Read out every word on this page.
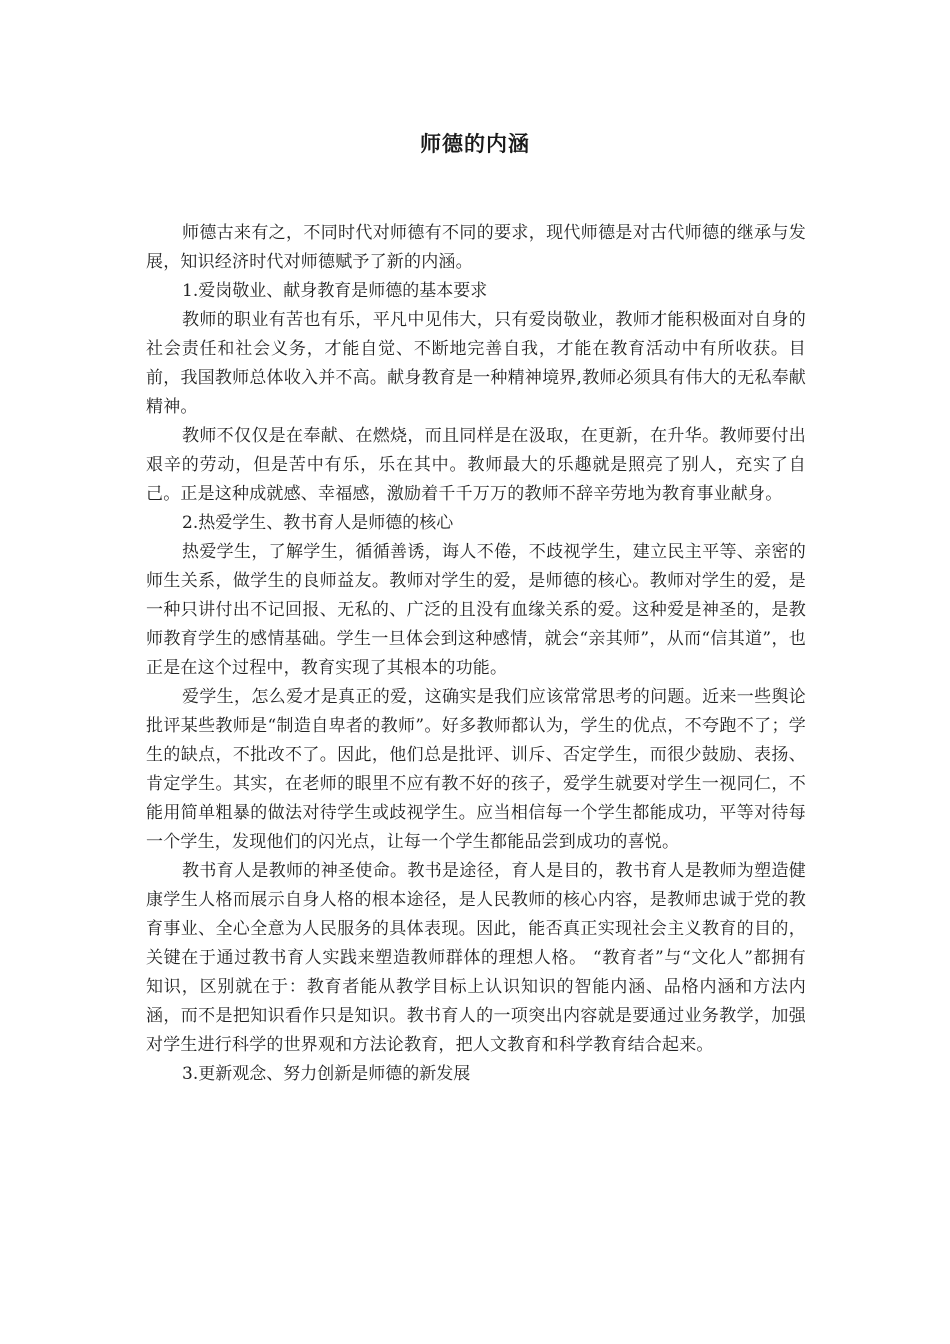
师德的内涵

师德古来有之，不同时代对师德有不同的要求，现代师德是对古代师德的继承与发展，知识经济时代对师德赋予了新的内涵。

1.爱岗敬业、献身教育是师德的基本要求

教师的职业有苦也有乐，平凡中见伟大，只有爱岗敬业，教师才能积极面对自身的社会责任和社会义务，才能自觉、不断地完善自我，才能在教育活动中有所收获。目前，我国教师总体收入并不高。献身教育是一种精神境界,教师必须具有伟大的无私奉献精神。

教师不仅仅是在奉献、在燃烧，而且同样是在汲取，在更新，在升华。教师要付出艰辛的劳动，但是苦中有乐，乐在其中。教师最大的乐趣就是照亮了别人，充实了自己。正是这种成就感、幸福感，激励着千千万万的教师不辞辛劳地为教育事业献身。

2.热爱学生、教书育人是师德的核心

热爱学生，了解学生，循循善诱，诲人不倦，不歧视学生，建立民主平等、亲密的师生关系，做学生的良师益友。教师对学生的爱，是师德的核心。教师对学生的爱，是一种只讲付出不记回报、无私的、广泛的且没有血缘关系的爱。这种爱是神圣的，是教师教育学生的感情基础。学生一旦体会到这种感情，就会“亲其师”，从而“信其道”，也正是在这个过程中，教育实现了其根本的功能。

爱学生，怎么爱才是真正的爱，这确实是我们应该常常思考的问题。近来一些舆论批评某些教师是“制造自卑者的教师”。好多教师都认为，学生的优点，不夸跑不了；学生的缺点，不批改不了。因此，他们总是批评、训斥、否定学生，而很少鼓励、表扬、肯定学生。其实，在老师的眼里不应有教不好的孩子，爱学生就要对学生一视同仁，不能用简单粗暴的做法对待学生或歧视学生。应当相信每一个学生都能成功，平等对待每一个学生，发现他们的闪光点，让每一个学生都能品尝到成功的喜悦。

教书育人是教师的神圣使命。教书是途径，育人是目的，教书育人是教师为塑造健康学生人格而展示自身人格的根本途径，是人民教师的核心内容，是教师忠诚于党的教育事业、全心全意为人民服务的具体表现。因此，能否真正实现社会主义教育的目的，关键在于通过教书育人实践来塑造教师群体的理想人格。 “教育者”与“文化人”都拥有知识，区别就在于：教育者能从教学目标上认识知识的智能内涵、品格内涵和方法内涵，而不是把知识看作只是知识。教书育人的一项突出内容就是要通过业务教学，加强对学生进行科学的世界观和方法论教育，把人文教育和科学教育结合起来。

3.更新观念、努力创新是师德的新发展
